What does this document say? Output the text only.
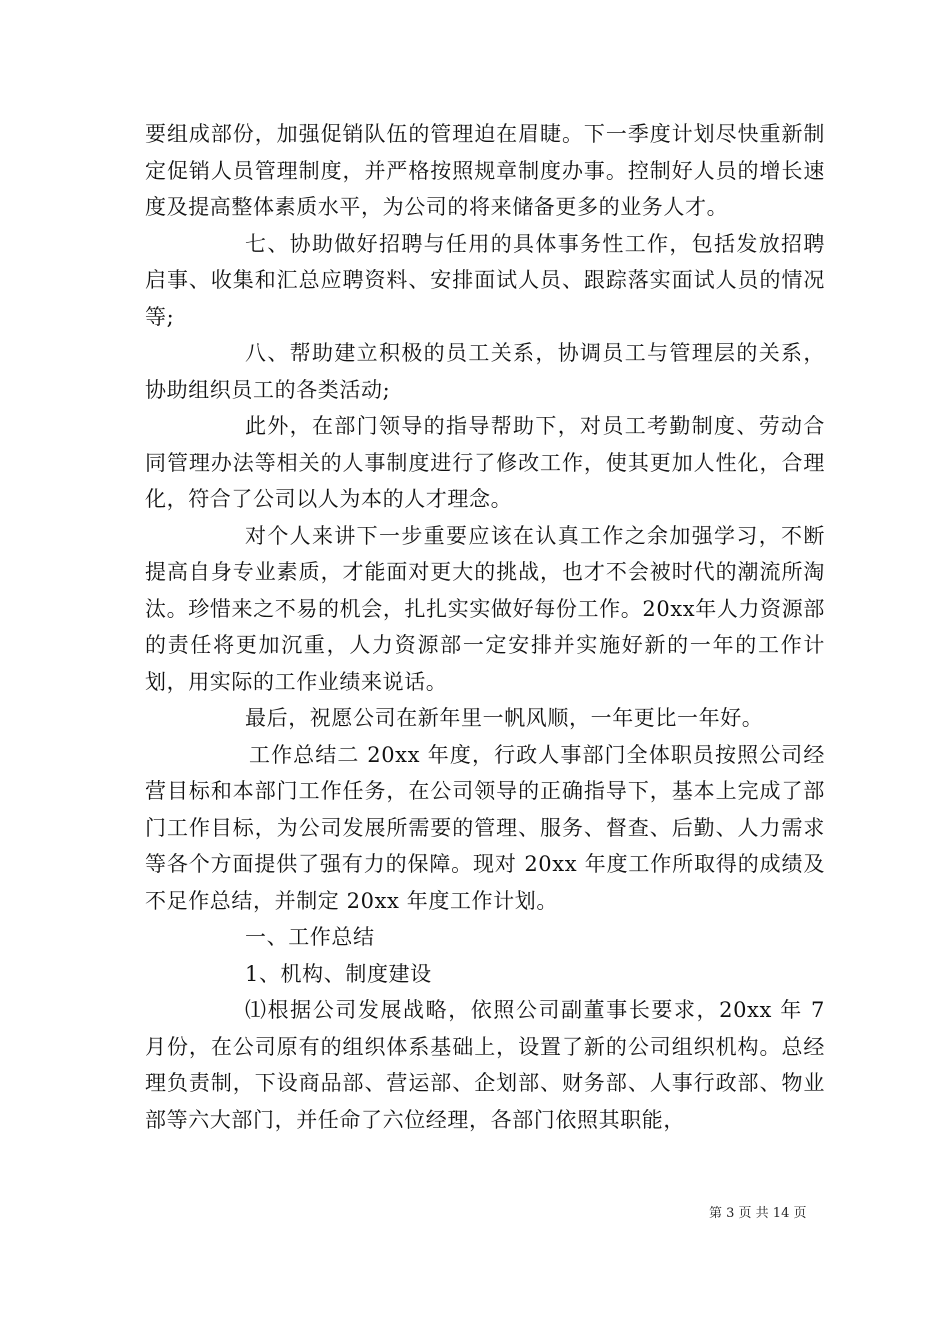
要组成部份，加强促销队伍的管理迫在眉睫。下一季度计划尽快重新制定促销人员管理制度，并严格按照规章制度办事。控制好人员的增长速度及提高整体素质水平，为公司的将来储备更多的业务人才。

七、协助做好招聘与任用的具体事务性工作，包括发放招聘启事、收集和汇总应聘资料、安排面试人员、跟踪落实面试人员的情况等;

八、帮助建立积极的员工关系，协调员工与管理层的关系，协助组织员工的各类活动;

此外，在部门领导的指导帮助下，对员工考勤制度、劳动合同管理办法等相关的人事制度进行了修改工作，使其更加人性化，合理化，符合了公司以人为本的人才理念。

对个人来讲下一步重要应该在认真工作之余加强学习，不断提高自身专业素质，才能面对更大的挑战，也才不会被时代的潮流所淘汰。珍惜来之不易的机会，扎扎实实做好每份工作。20xx年人力资源部的责任将更加沉重，人力资源部一定安排并实施好新的一年的工作计划，用实际的工作业绩来说话。

最后，祝愿公司在新年里一帆风顺，一年更比一年好。

工作总结二 20xx 年度，行政人事部门全体职员按照公司经营目标和本部门工作任务，在公司领导的正确指导下，基本上完成了部门工作目标，为公司发展所需要的管理、服务、督查、后勤、人力需求等各个方面提供了强有力的保障。现对 20xx 年度工作所取得的成绩及不足作总结，并制定 20xx 年度工作计划。

一、工作总结

1、机构、制度建设

⑴根据公司发展战略，依照公司副董事长要求，20xx 年 7 月份，在公司原有的组织体系基础上，设置了新的公司组织机构。总经理负责制，下设商品部、营运部、企划部、财务部、人事行政部、物业部等六大部门，并任命了六位经理，各部门依照其职能，

第 3 页 共 14 页
